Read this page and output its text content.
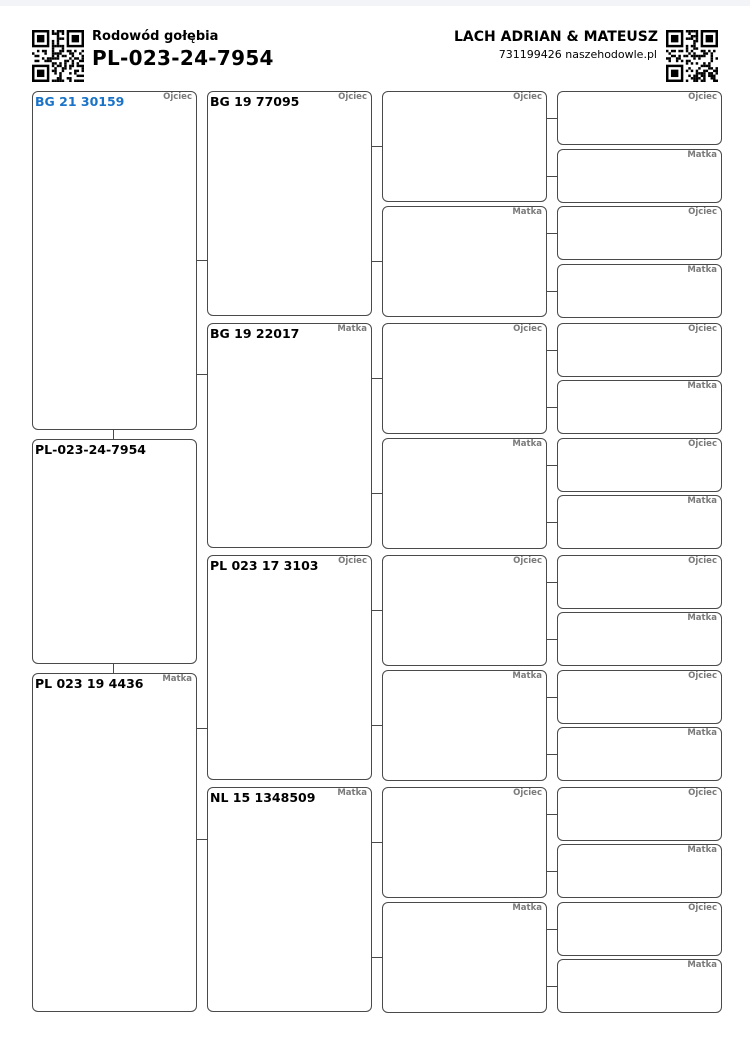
Rodowód gołębia
PL-023-24-7954
LACH ADRIAN & MATEUSZ
731199426 naszehodowle.pl
BG 21 30159	Ojciec
PL-023-24-7954
PL 023 19 4436 Matka
BG 19 77095	Ojciec
BG 19 22017	Matka
PL 023 17 3103 Ojciec
NL 15 1348509	Matka
Ojciec
Matka
Ojciec
Matka
Ojciec
Matka
Ojciec
Matka
Ojciec
Matka
Ojciec
Matka
Ojciec
Matka
Ojciec
Matka
Ojciec
Matka
Ojciec
Matka
Ojciec
Matka
Ojciec
Matka
